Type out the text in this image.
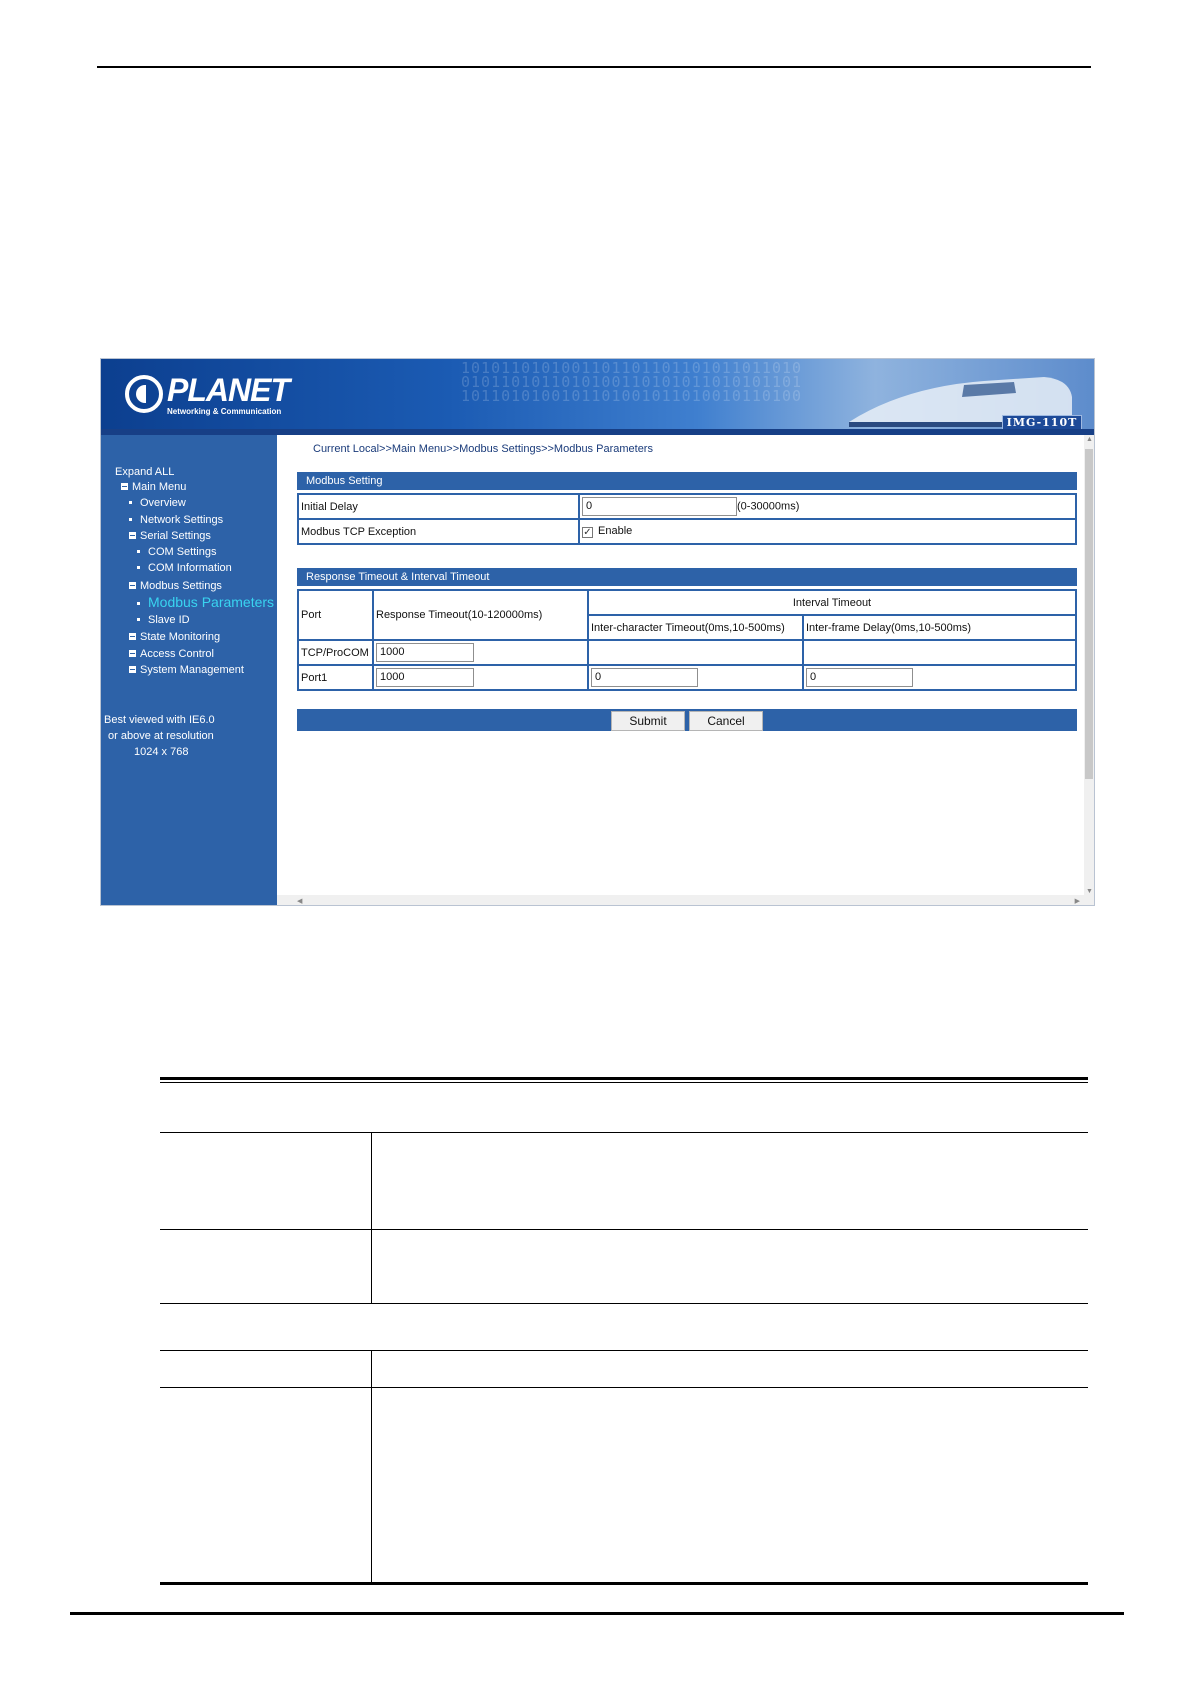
1010110101001101101101101011011010
0101101011010100110101011010101101
1011010100101101001011010010110100
PLANET
Networking & Communication
IMG-110T
Expand ALL
Main Menu
Overview
Network Settings
Serial Settings
COM Settings
COM Information
Modbus Settings
Modbus Parameters
Slave ID
State Monitoring
Access Control
System Management
Best viewed with IE6.0
or above at resolution
1024 x 768
Current Local>>Main Menu>>Modbus Settings>>Modbus Parameters
Modbus Setting
Initial Delay	0 (0-30000ms)
Modbus TCP Exception	✓ Enable
Response Timeout & Interval Timeout
Port	Response Timeout(10-120000ms)	Interval Timeout	
		Inter-character Timeout(0ms,10-500ms)	Inter-frame Delay(0ms,10-500ms)
TCP/ProCOM	1000		
Port1	1000	0	0
Submit	Cancel
▲
▼
◀	▶
